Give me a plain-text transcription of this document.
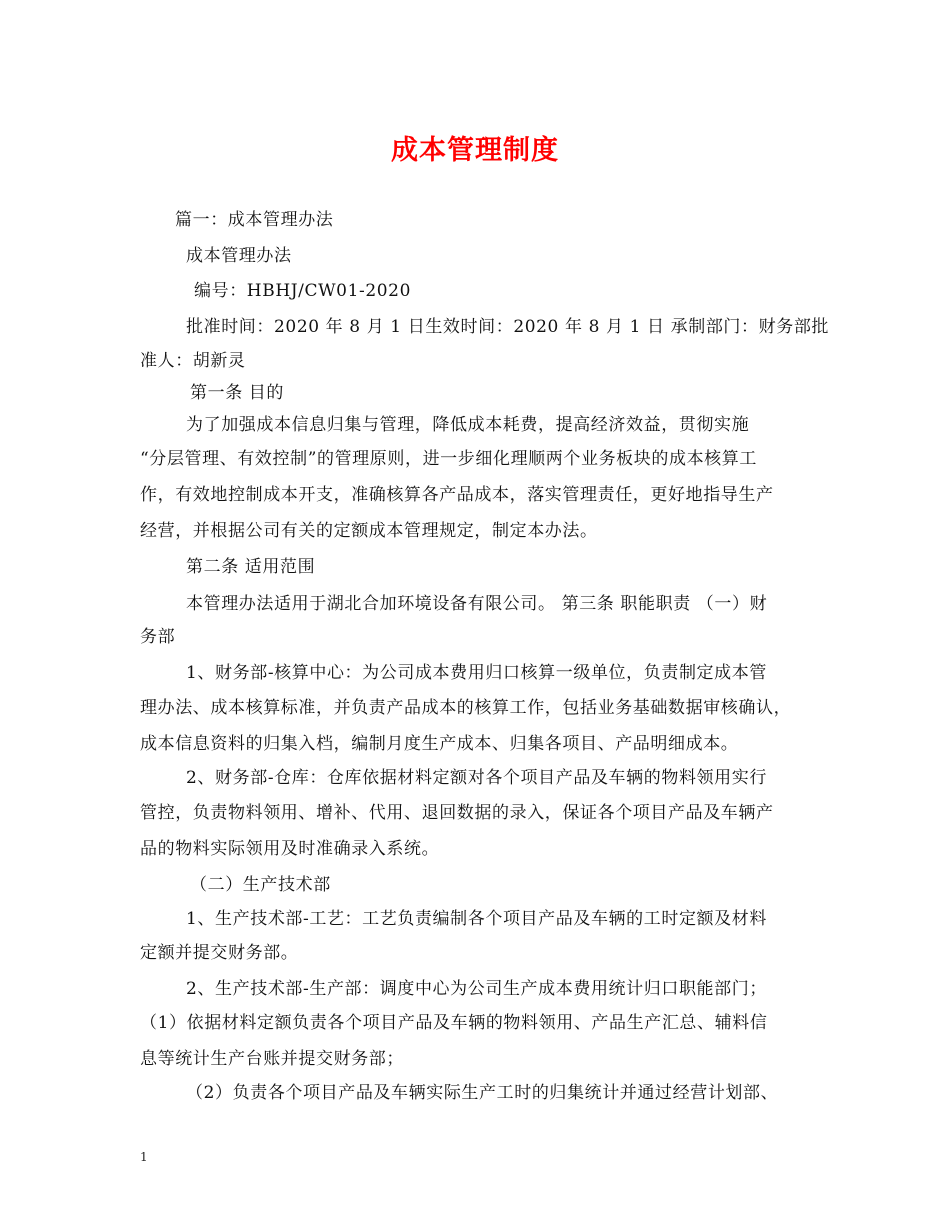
成本管理制度
篇一：成本管理办法
成本管理办法
编号：HBHJ/CW01-2020
批准时间：2020 年 8 月 1 日生效时间：2020 年 8 月 1 日 承制部门：财务部批
准人：胡新灵
第一条 目的
为了加强成本信息归集与管理，降低成本耗费，提高经济效益，贯彻实施
“分层管理、有效控制”的管理原则，进一步细化理顺两个业务板块的成本核算工
作，有效地控制成本开支，准确核算各产品成本，落实管理责任，更好地指导生产
经营，并根据公司有关的定额成本管理规定，制定本办法。
第二条 适用范围
本管理办法适用于湖北合加环境设备有限公司。 第三条 职能职责 （一）财
务部
1、财务部-核算中心：为公司成本费用归口核算一级单位，负责制定成本管
理办法、成本核算标准，并负责产品成本的核算工作，包括业务基础数据审核确认，
成本信息资料的归集入档，编制月度生产成本、归集各项目、产品明细成本。
2、财务部-仓库：仓库依据材料定额对各个项目产品及车辆的物料领用实行
管控，负责物料领用、增补、代用、退回数据的录入，保证各个项目产品及车辆产
品的物料实际领用及时准确录入系统。
（二）生产技术部
1、生产技术部-工艺：工艺负责编制各个项目产品及车辆的工时定额及材料
定额并提交财务部。
2、生产技术部-生产部：调度中心为公司生产成本费用统计归口职能部门；
（1）依据材料定额负责各个项目产品及车辆的物料领用、产品生产汇总、辅料信
息等统计生产台账并提交财务部；
（2）负责各个项目产品及车辆实际生产工时的归集统计并通过经营计划部、
1
